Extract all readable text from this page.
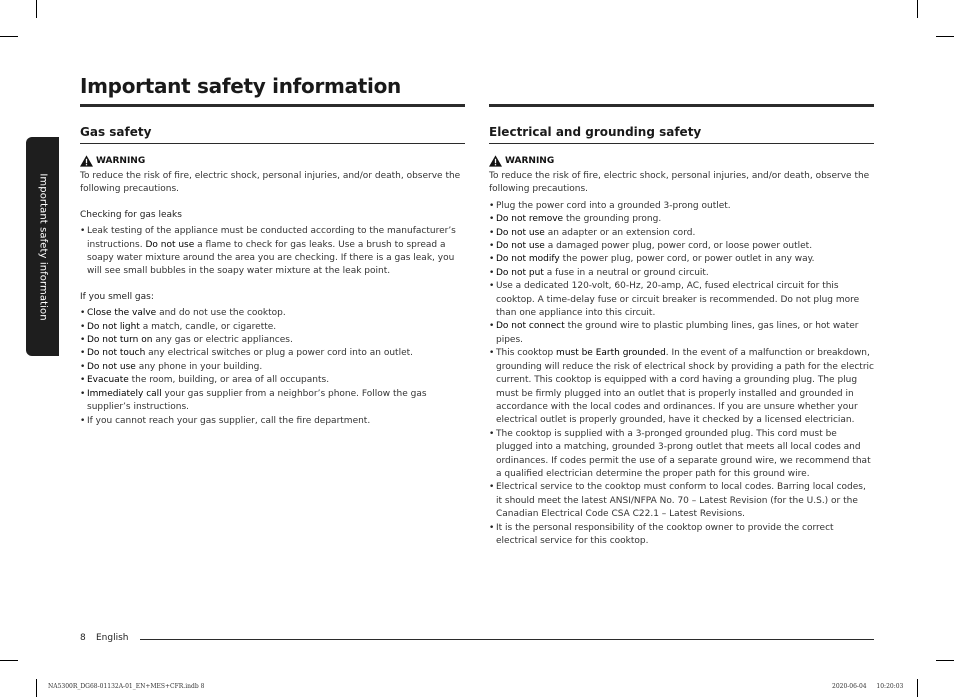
Important safety information
Important safety information
Gas safety
WARNING

To reduce the risk of fire, electric shock, personal injuries, and/or death, observe the following precautions.

Checking for gas leaks

• Leak testing of the appliance must be conducted according to the manufacturer’s instructions. Do not use a flame to check for gas leaks. Use a brush to spread a soapy water mixture around the area you are checking. If there is a gas leak, you will see small bubbles in the soapy water mixture at the leak point.

If you smell gas:

• Close the valve and do not use the cooktop.
• Do not light a match, candle, or cigarette.
• Do not turn on any gas or electric appliances.
• Do not touch any electrical switches or plug a power cord into an outlet.
• Do not use any phone in your building.
• Evacuate the room, building, or area of all occupants.
• Immediately call your gas supplier from a neighbor’s phone. Follow the gas supplier’s instructions.
• If you cannot reach your gas supplier, call the fire department.
Electrical and grounding safety
WARNING

To reduce the risk of fire, electric shock, personal injuries, and/or death, observe the following precautions.

• Plug the power cord into a grounded 3-prong outlet.
• Do not remove the grounding prong.
• Do not use an adapter or an extension cord.
• Do not use a damaged power plug, power cord, or loose power outlet.
• Do not modify the power plug, power cord, or power outlet in any way.
• Do not put a fuse in a neutral or ground circuit.
• Use a dedicated 120-volt, 60-Hz, 20-amp, AC, fused electrical circuit for this cooktop. A time-delay fuse or circuit breaker is recommended. Do not plug more than one appliance into this circuit.
• Do not connect the ground wire to plastic plumbing lines, gas lines, or hot water pipes.
• This cooktop must be Earth grounded. In the event of a malfunction or breakdown, grounding will reduce the risk of electrical shock by providing a path for the electric current. This cooktop is equipped with a cord having a grounding plug. The plug must be firmly plugged into an outlet that is properly installed and grounded in accordance with the local codes and ordinances. If you are unsure whether your electrical outlet is properly grounded, have it checked by a licensed electrician.
• The cooktop is supplied with a 3-pronged grounded plug. This cord must be plugged into a matching, grounded 3-prong outlet that meets all local codes and ordinances. If codes permit the use of a separate ground wire, we recommend that a qualified electrician determine the proper path for this ground wire.
• Electrical service to the cooktop must conform to local codes. Barring local codes, it should meet the latest ANSI/NFPA No. 70 – Latest Revision (for the U.S.) or the Canadian Electrical Code CSA C22.1 – Latest Revisions.
• It is the personal responsibility of the cooktop owner to provide the correct electrical service for this cooktop.
8 English
NA5300R_DG68-01132A-01_EN+MES+CFR.indb 8	2020-06-04   10:20:03
